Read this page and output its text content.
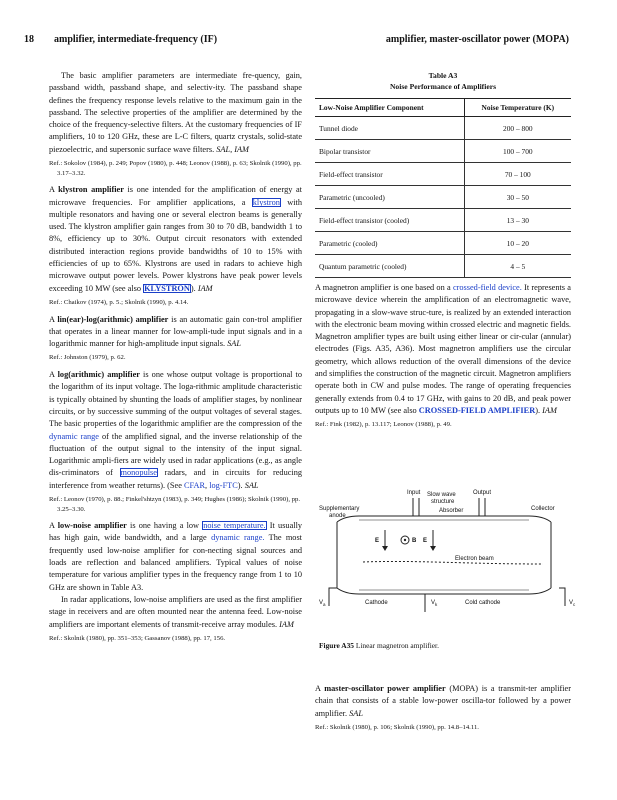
18 amplifier, intermediate-frequency (IF)	amplifier, master-oscillator power (MOPA)

The basic amplifier parameters are intermediate fre-quency, gain, passband width, passband shape, and selectiv-ity. The passband shape defines the frequency response levels relative to the maximum gain in the passband. The selective properties of the amplifier are determined by the choice of the frequency-selective filters. At the customary frequencies of IF amplifiers, 10 to 120 GHz, these are L-C filters, quartz crystals, solid-state piezoelectric, and supersonic surface wave filters. SAL, IAM

Ref.: Sokolov (1984), p. 249; Popov (1980), p. 448; Leonov (1988), p. 63; Skolnik (1990), pp. 3.17–3.32.

A klystron amplifier is one intended for the amplification of energy at microwave frequencies. For amplifier applications, a klystron with multiple resonators and having one or several electron beams is generally used. The klystron amplifier gain ranges from 30 to 70 dB, bandwidth 1 to 8%, efficiency up to 30%. Output circuit resonators with extended distributed interaction regions provide bandwidths of 10 to 15% with efficiencies of up to 65%. Klystrons are used in radars to achieve high microwave output power levels. Power klystrons have peak power levels exceeding 10 MW (see also KLYSTRON). IAM

Ref.: Chaikov (1974), p. 5.; Skolnik (1990), p. 4.14.

A lin(ear)-log(arithmic) amplifier is an automatic gain con-trol amplifier that operates in a linear manner for low-ampli-tude input signals and in a logarithmic manner for high-amplitude input signals. SAL

Ref.: Johnston (1979), p. 62.

A log(arithmic) amplifier is one whose output voltage is proportional to the logarithm of its input voltage. The loga-rithmic amplitude characteristic is typically obtained by shunting the loads of amplifier stages, by nonlinear circuits, or by successive summing of the output voltages of several stages. The basic properties of the logarithmic amplifier are the compression of the dynamic range of the amplified signal, and the inverse relationship of the fluctuation of the output signal to the intensity of the input signal. Logarithmic ampli-fiers are widely used in radar applications (e.g., as angle dis-criminators of monopulse radars, and in circuits for reducing interference from weather returns). (See CFAR, log-FTC). SAL

Ref.: Leonov (1970), p. 88.; Finkel'shtzyn (1983), p. 349; Hughes (1986); Skolnik (1990), pp. 3.25–3.30.

A low-noise amplifier is one having a low noise temperature. It usually has high gain, wide bandwidth, and a large dynamic range. The most frequently used low-noise amplifier for con-necting signal sources and loads are reflection and balanced amplifiers. Typical values of noise temperature for various amplifier types in the frequency range from 1 to 10 GHz are shown in Table A3.

In radar applications, low-noise amplifiers are used as the first amplifier stage in receivers and are often mounted near the antenna feed. Low-noise amplifiers are important elements of transmit-receive array modules. IAM

Ref.: Skolnik (1980), pp. 351–353; Gassanov (1988), pp. 17, 156.

Table A3
Noise Performance of Amplifiers
Low-Noise Amplifier Component	Noise Temperature (K)
Tunnel diode	200 – 800
Bipolar transistor	100 – 700
Field-effect transistor	70 – 100
Parametric (uncooled)	30 – 50
Field-effect transistor (cooled)	13 – 30
Parametric (cooled)	10 – 20
Quantum parametric (cooled)	4 – 5

A magnetron amplifier is one based on a crossed-field device. It represents a microwave device wherein the amplification of an electromagnetic wave, propagating in a slow-wave struc-ture, is realized by an extended interaction with the electronic beam moving within crossed electric and magnetic fields. Magnetron amplifier types are built using either linear or cir-cular (annular) electrodes (Figs. A35, A36). Most magnetron amplifiers use the circular geometry, which allows reduction of the overall dimensions of the device and simplifies the construction of the magnetic circuit. Magnetron amplifiers operate both in CW and pulse modes. The range of operating frequencies generally extends from 0.4 to 17 GHz, with gains to 20 dB, and peak power outputs up to 10 MW (see also CROSSED-FIELD AMPLIFIER). IAM

Ref.: Fink (1982), p. 13.117; Leonov (1988), p. 49.

Input	Output
Slow wave
structure
Absorber
Supplementary
anode
Collector
E	B E
Electron beam
Cathode	Cold cathode
$V_a$	$V_k$	$V_c$
Figure A35 Linear magnetron amplifier.

A master-oscillator power amplifier (MOPA) is a transmit-ter amplifier chain that consists of a stable low-power oscilla-tor followed by a power amplifier. SAL

Ref.: Skolnik (1980), p. 106; Skolnik (1990), pp. 14.8–14.11.
